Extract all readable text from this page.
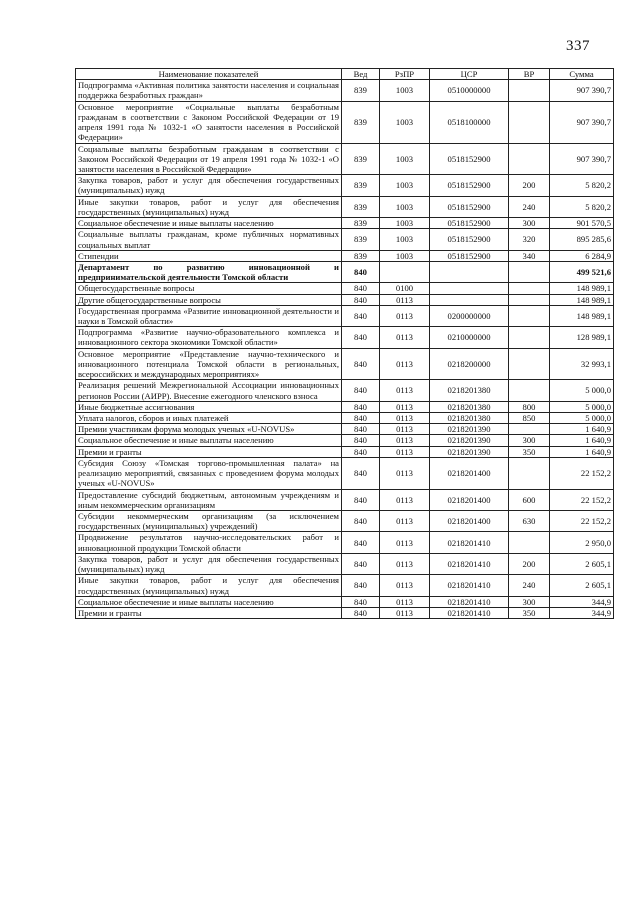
337
Наименование показателей	Вед	РзПР	ЦСР	ВР	Сумма
Подпрограмма «Активная политика занятости населения и социальная поддержка безработных граждан»	839	1003	0510000000		907 390,7
Основное мероприятие «Социальные выплаты безработным гражданам в соответствии с Законом Российской Федерации от 19 апреля 1991 года № 1032-1 «О занятости населения в Российской Федерации»	839	1003	0518100000		907 390,7
Социальные выплаты безработным гражданам в соответствии с Законом Российской Федерации от 19 апреля 1991 года № 1032-1 «О занятости населения в Российской Федерации»	839	1003	0518152900		907 390,7
Закупка товаров, работ и услуг для обеспечения государственных (муниципальных) нужд	839	1003	0518152900	200	5 820,2
Иные закупки товаров, работ и услуг для обеспечения государственных (муниципальных) нужд	839	1003	0518152900	240	5 820,2
Социальное обеспечение и иные выплаты населению	839	1003	0518152900	300	901 570,5
Социальные выплаты гражданам, кроме публичных нормативных социальных выплат	839	1003	0518152900	320	895 285,6
Стипендии	839	1003	0518152900	340	6 284,9
Департамент по развитию инновационной и предпринимательской деятельности Томской области	840				499 521,6
Общегосударственные вопросы	840	0100			148 989,1
Другие общегосударственные вопросы	840	0113			148 989,1
Государственная программа «Развитие инновационной деятельности и науки в Томской области»	840	0113	0200000000		148 989,1
Подпрограмма «Развитие научно-образовательного комплекса и инновационного сектора экономики Томской области»	840	0113	0210000000		128 989,1
Основное мероприятие «Представление научно-технического и инновационного потенциала Томской области в региональных, всероссийских и международных мероприятиях»	840	0113	0218200000		32 993,1
Реализация решений Межрегиональной Ассоциации инновационных регионов России (АИРР). Внесение ежегодного членского взноса	840	0113	0218201380		5 000,0
Иные бюджетные ассигнования	840	0113	0218201380	800	5 000,0
Уплата налогов, сборов и иных платежей	840	0113	0218201380	850	5 000,0
Премии участникам форума молодых ученых «U-NOVUS»	840	0113	0218201390		1 640,9
Социальное обеспечение и иные выплаты населению	840	0113	0218201390	300	1 640,9
Премии и гранты	840	0113	0218201390	350	1 640,9
Субсидия Союзу «Томская торгово-промышленная палата» на реализацию мероприятий, связанных с проведением форума молодых ученых «U-NOVUS»	840	0113	0218201400		22 152,2
Предоставление субсидий бюджетным, автономным учреждениям и иным некоммерческим организациям	840	0113	0218201400	600	22 152,2
Субсидии некоммерческим организациям (за исключением государственных (муниципальных) учреждений)	840	0113	0218201400	630	22 152,2
Продвижение результатов научно-исследовательских работ и инновационной продукции Томской области	840	0113	0218201410		2 950,0
Закупка товаров, работ и услуг для обеспечения государственных (муниципальных) нужд	840	0113	0218201410	200	2 605,1
Иные закупки товаров, работ и услуг для обеспечения государственных (муниципальных) нужд	840	0113	0218201410	240	2 605,1
Социальное обеспечение и иные выплаты населению	840	0113	0218201410	300	344,9
Премии и гранты	840	0113	0218201410	350	344,9
